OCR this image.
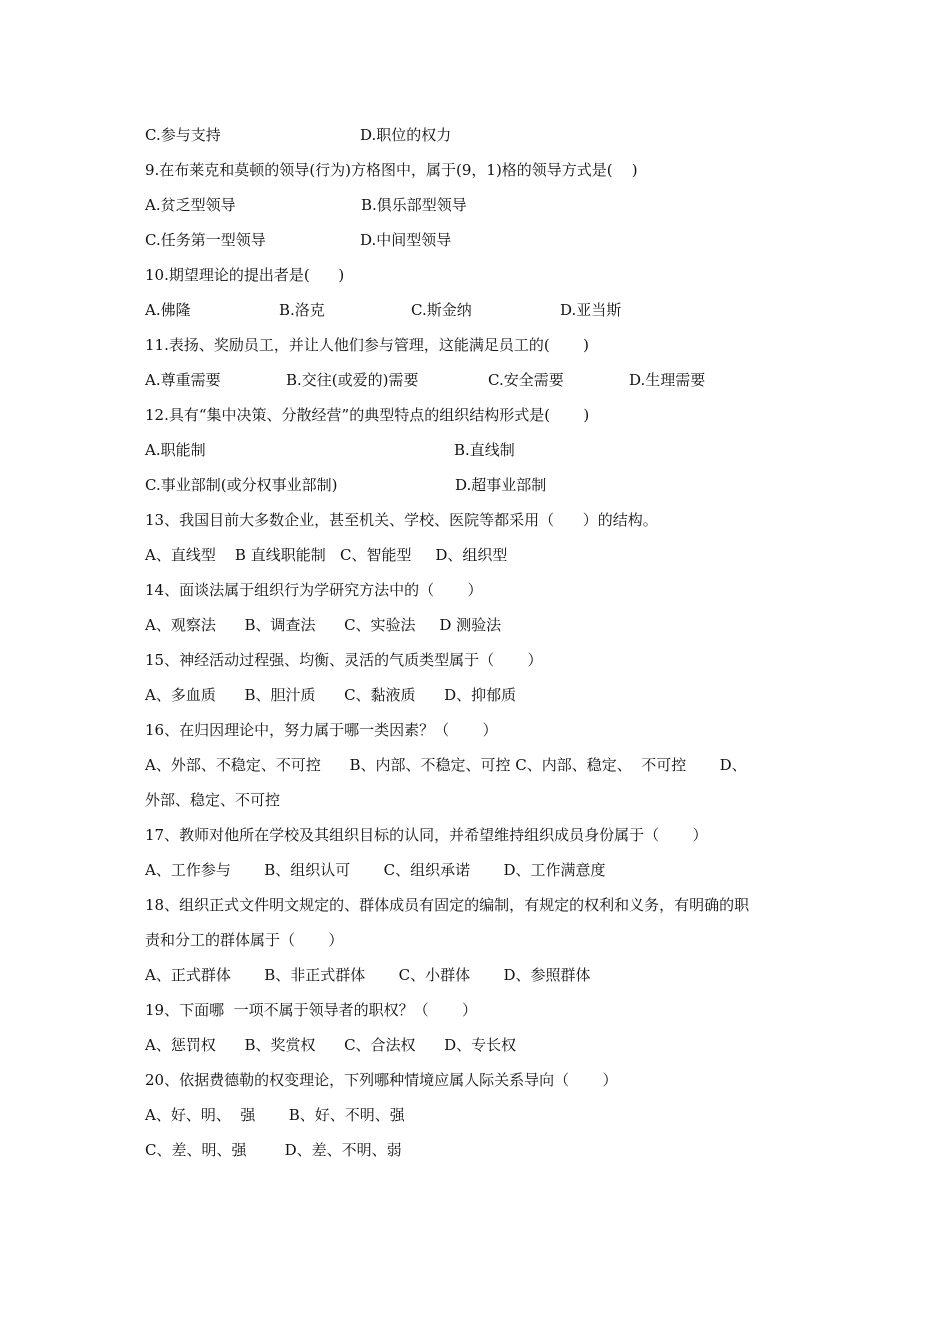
C.参与支持

	D.职位的权力

9.在布莱克和莫顿的领导(行为)方格图中，属于(9，1)格的领导方式是(    )

A.贫乏型领导

	B.俱乐部型领导

C.任务第一型领导

	D.中间型领导

10.期望理论的提出者是(      )

A.佛隆

	B.洛克

	C.斯金纳

	D.亚当斯

11.表扬、奖励员工，并让人他们参与管理，这能满足员工的(       )

A.尊重需要

	B.交往(或爱的)需要

	C.安全需要

	D.生理需要

12.具有“集中决策、分散经营”的典型特点的组织结构形式是(       )

A.职能制

	B.直线制

C.事业部制(或分权事业部制)

	D.超事业部制

13、我国目前大多数企业，甚至机关、学校、医院等都采用（      ）的结构。

A、直线型    B 直线职能制   C、智能型     D、组织型

14、面谈法属于组织行为学研究方法中的（       ）

A、观察法      B、调查法      C、实验法     D 测验法

15、神经活动过程强、均衡、灵活的气质类型属于（       ）

A、多血质      B、胆汁质      C、黏液质      D、抑郁质

16、在归因理论中，努力属于哪一类因素？（       ）

A、外部、不稳定、不可控      B、内部、不稳定、可控 C、内部、稳定、  不可控       D、

外部、稳定、不可控

17、教师对他所在学校及其组织目标的认同，并希望维持组织成员身份属于（       ）

A、工作参与       B、组织认可       C、组织承诺       D、工作满意度

18、组织正式文件明文规定的、群体成员有固定的编制，有规定的权利和义务，有明确的职

责和分工的群体属于（       ）

A、正式群体       B、非正式群体       C、小群体       D、参照群体

19、下面哪  一项不属于领导者的职权？（       ）

A、惩罚权      B、奖赏权      C、合法权      D、专长权

20、依据费德勒的权变理论，下列哪种情境应属人际关系导向（       ）

A、好、明、  强       B、好、不明、强

C、差、明、强        D、差、不明、弱
